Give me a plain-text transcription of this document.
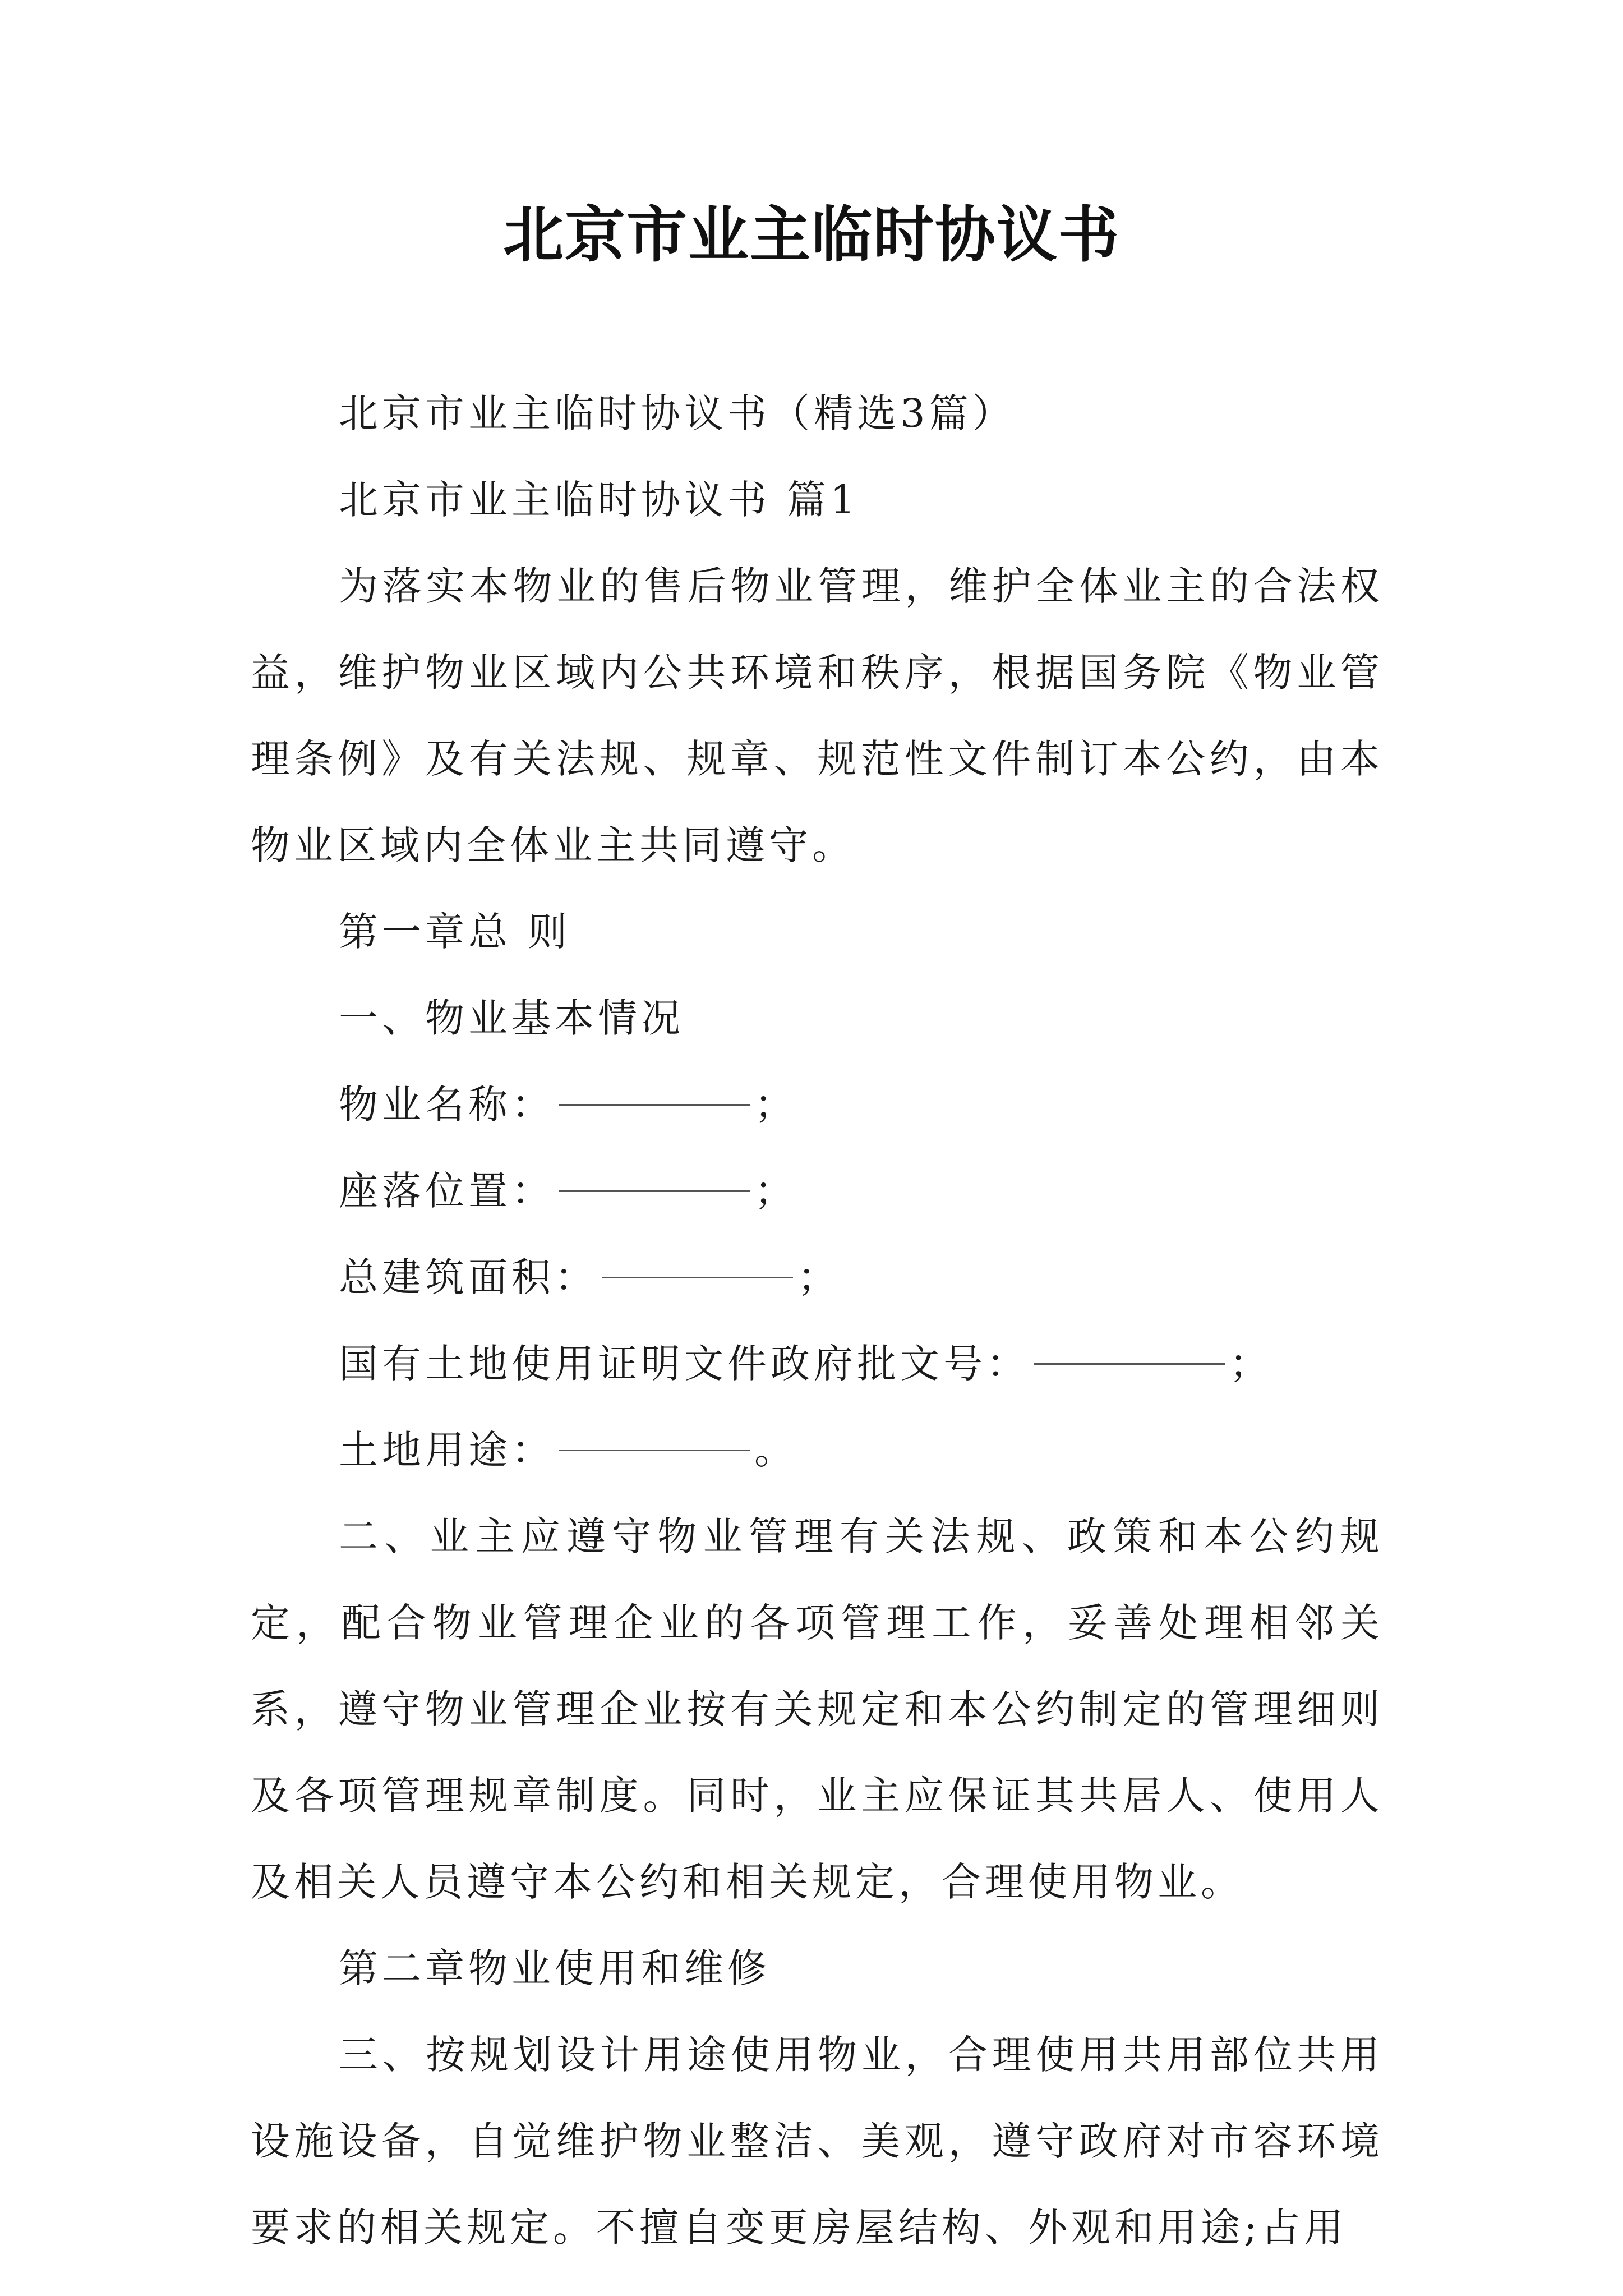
北京市业主临时协议书

北京市业主临时协议书（精选3篇）

北京市业主临时协议书 篇1

为落实本物业的售后物业管理，维护全体业主的合法权益，维护物业区域内公共环境和秩序，根据国务院《物业管理条例》及有关法规、规章、规范性文件制订本公约，由本物业区域内全体业主共同遵守。

第一章总 则

一、物业基本情况

物业名称：	；

座落位置：	；

总建筑面积：	；

国有土地使用证明文件政府批文号：	；

土地用途：	。

二、业主应遵守物业管理有关法规、政策和本公约规定，配合物业管理企业的各项管理工作，妥善处理相邻关系，遵守物业管理企业按有关规定和本公约制定的管理细则及各项管理规章制度。同时，业主应保证其共居人、使用人及相关人员遵守本公约和相关规定，合理使用物业。

第二章物业使用和维修

三、按规划设计用途使用物业，合理使用共用部位共用设施设备，自觉维护物业整洁、美观，遵守政府对市容环境要求的相关规定。不擅自变更房屋结构、外观和用途;占用
